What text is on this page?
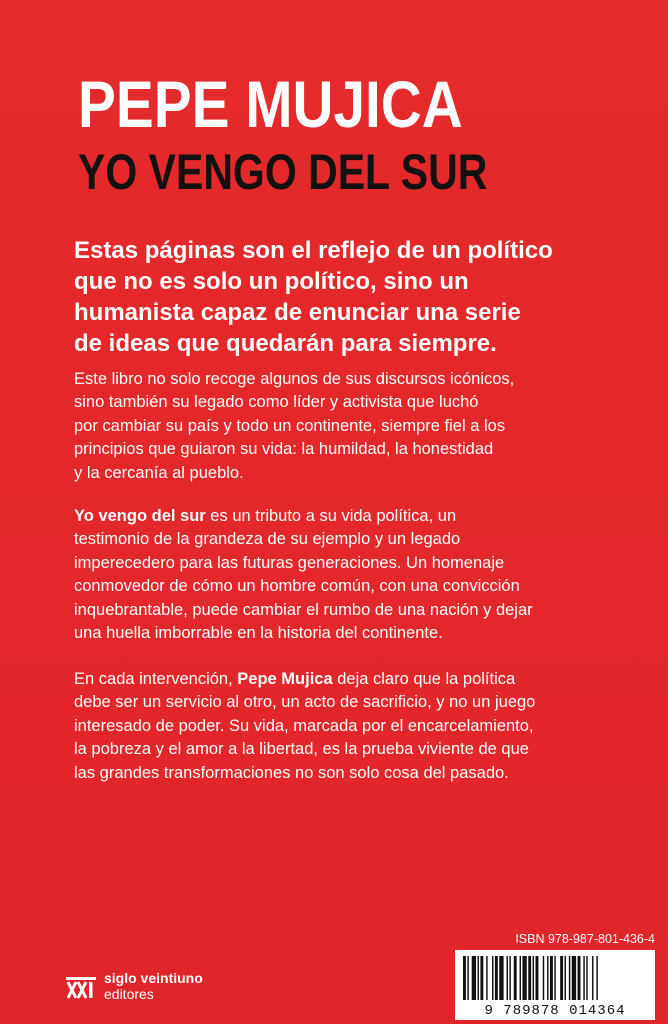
PEPE MUJICA
YO VENGO DEL SUR
Estas páginas son el reflejo de un político
que no es solo un político, sino un
humanista capaz de enunciar una serie
de ideas que quedarán para siempre.
Este libro no solo recoge algunos de sus discursos icónicos,
sino también su legado como líder y activista que luchó
por cambiar su país y todo un continente, siempre fiel a los
principios que guiaron su vida: la humildad, la honestidad
y la cercanía al pueblo.
Yo vengo del sur es un tributo a su vida política, un
testimonio de la grandeza de su ejemplo y un legado
imperecedero para las futuras generaciones. Un homenaje
conmovedor de cómo un hombre común, con una convicción
inquebrantable, puede cambiar el rumbo de una nación y dejar
una huella imborrable en la historia del continente.
En cada intervención, Pepe Mujica deja claro que la política
debe ser un servicio al otro, un acto de sacrificio, y no un juego
interesado de poder. Su vida, marcada por el encarcelamiento,
la pobreza y el amor a la libertad, es la prueba viviente de que
las grandes transformaciones no son solo cosa del pasado.
siglo veintiuno
editores
ISBN 978-987-801-436-4
9 789878 014364
